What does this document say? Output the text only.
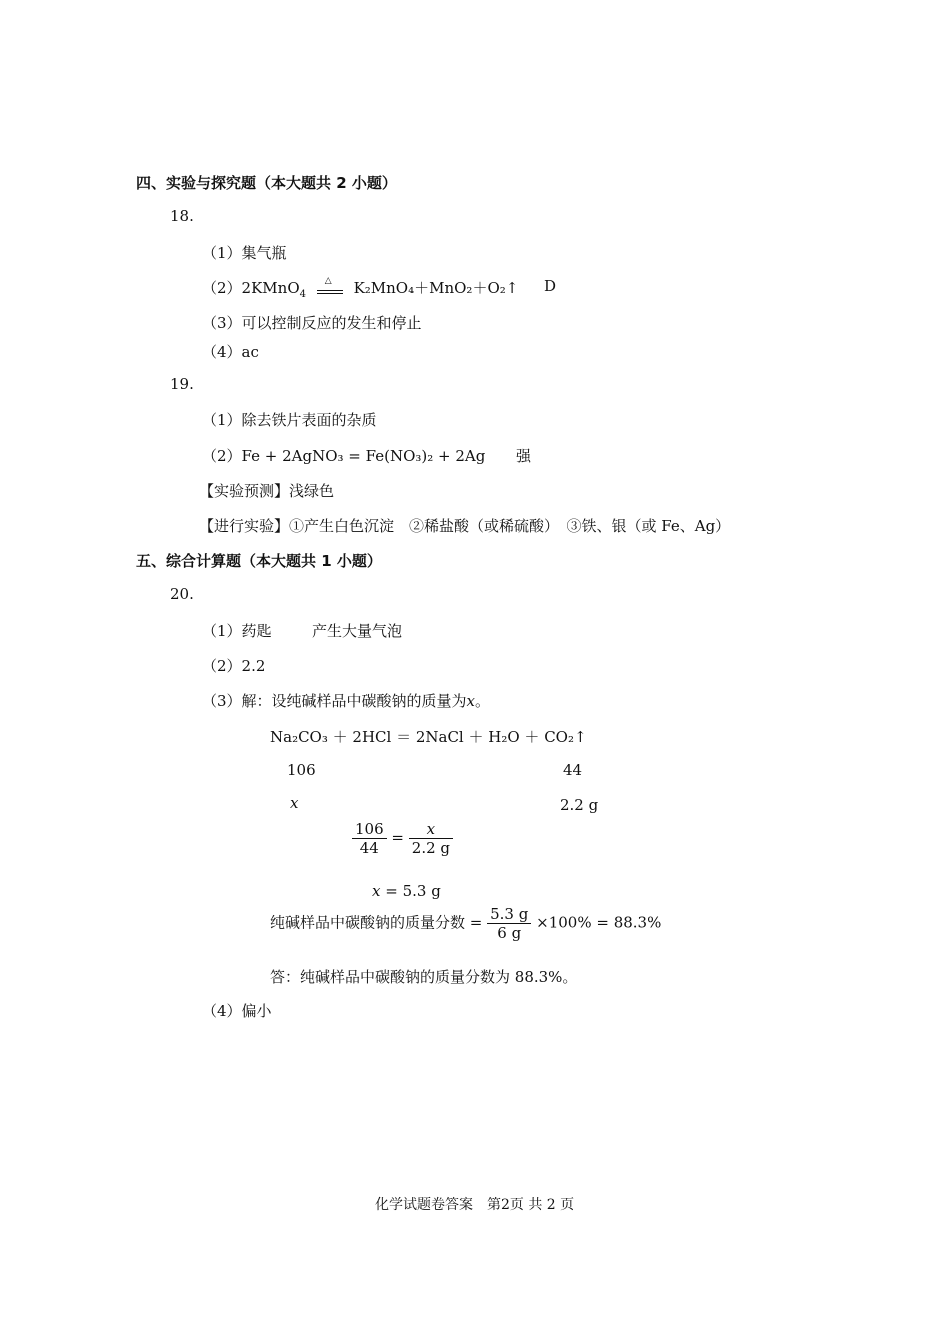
四、实验与探究题（本大题共 2 小题）
18.
（1）集气瓶
（2）2KMnO$_4$
△ K₂MnO₄＋MnO₂＋O₂↑ D
（3）可以控制反应的发生和停止
（4）ac
19.
（1）除去铁片表面的杂质
（2）Fe + 2AgNO₃ = Fe(NO₃)₂ + 2Ag 强
【实验预测】浅绿色
【进行实验】①产生白色沉淀　②稀盐酸（或稀硫酸）　③铁、银（或 Fe、Ag）
五、综合计算题（本大题共 1 小题）
20.
（1）药匙	产生大量气泡
（2）2.2
（3）解：设纯碱样品中碳酸钠的质量为x。
Na₂CO₃ ＋ 2HCl ＝ 2NaCl ＋ H₂O ＋ CO₂↑
106	44
x	2.2 g
$\frac{106}{44} = \frac{x}{2.2 g}$
x = 5.3 g
纯碱样品中碳酸钠的质量分数 = $\frac{5.3 g}{6 g} \times 100\% = 88.3\%$
答：纯碱样品中碳酸钠的质量分数为 88.3%。
（4）偏小
化学试题卷答案　第2页 共 2 页
